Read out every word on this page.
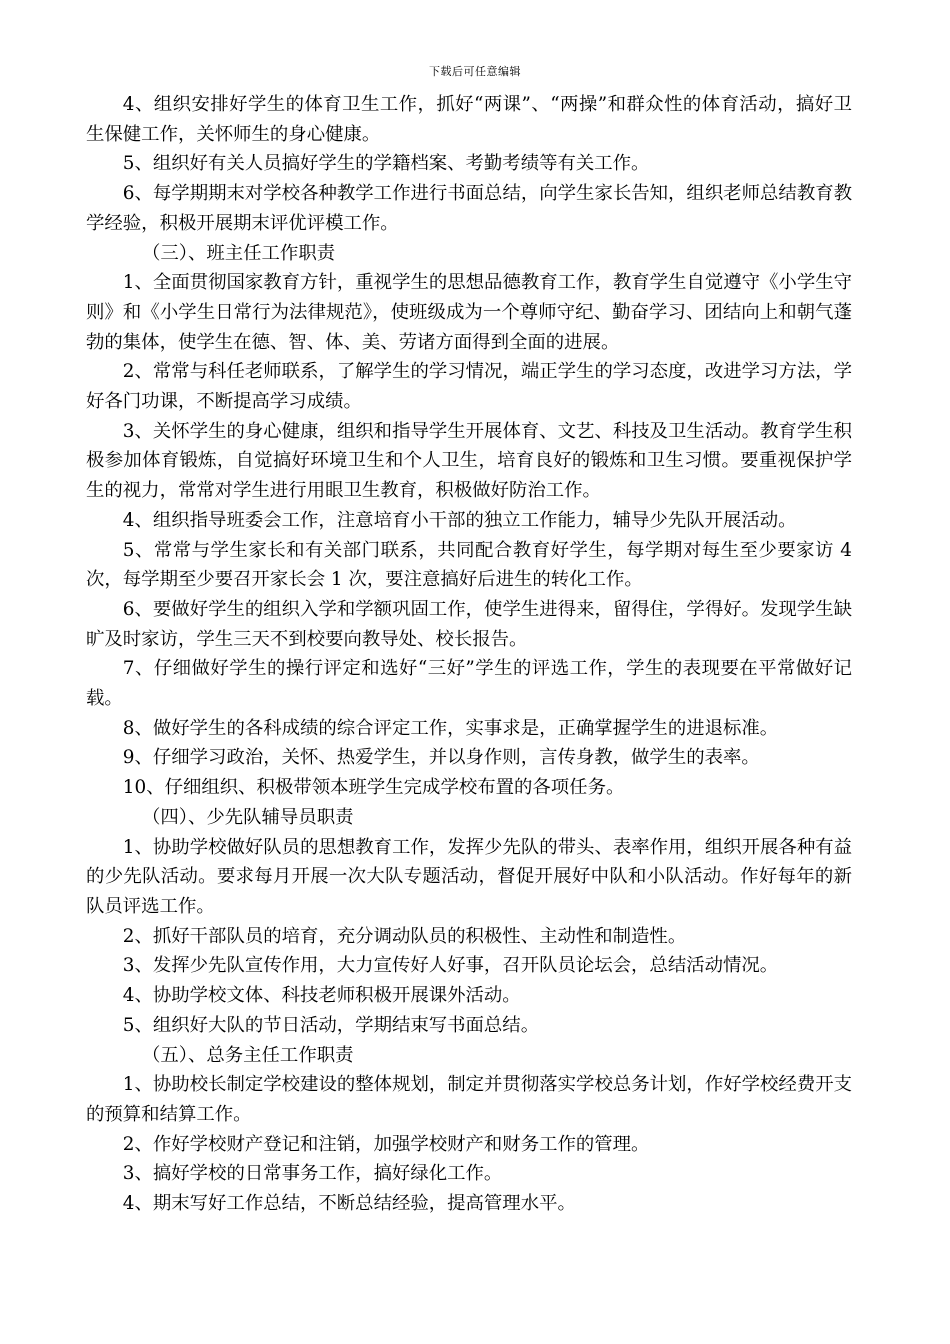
下载后可任意编辑

4、组织安排好学生的体育卫生工作，抓好“两课”、“两操”和群众性的体育活动，搞好卫生保健工作，关怀师生的身心健康。

5、组织好有关人员搞好学生的学籍档案、考勤考绩等有关工作。

6、每学期期末对学校各种教学工作进行书面总结，向学生家长告知，组织老师总结教育教学经验，积极开展期末评优评模工作。

（三）、班主任工作职责

1、全面贯彻国家教育方针，重视学生的思想品德教育工作，教育学生自觉遵守《小学生守则》和《小学生日常行为法律规范》，使班级成为一个尊师守纪、勤奋学习、团结向上和朝气蓬勃的集体，使学生在德、智、体、美、劳诸方面得到全面的进展。

2、常常与科任老师联系，了解学生的学习情况，端正学生的学习态度，改进学习方法，学好各门功课，不断提高学习成绩。

3、关怀学生的身心健康，组织和指导学生开展体育、文艺、科技及卫生活动。教育学生积极参加体育锻炼，自觉搞好环境卫生和个人卫生，培育良好的锻炼和卫生习惯。要重视保护学生的视力，常常对学生进行用眼卫生教育，积极做好防治工作。

4、组织指导班委会工作，注意培育小干部的独立工作能力，辅导少先队开展活动。

5、常常与学生家长和有关部门联系，共同配合教育好学生，每学期对每生至少要家访 4 次，每学期至少要召开家长会 1 次，要注意搞好后进生的转化工作。

6、要做好学生的组织入学和学额巩固工作，使学生进得来，留得住，学得好。发现学生缺旷及时家访，学生三天不到校要向教导处、校长报告。

7、仔细做好学生的操行评定和选好“三好”学生的评选工作，学生的表现要在平常做好记载。

8、做好学生的各科成绩的综合评定工作，实事求是，正确掌握学生的进退标准。

9、仔细学习政治，关怀、热爱学生，并以身作则，言传身教，做学生的表率。

10、仔细组织、积极带领本班学生完成学校布置的各项任务。

（四）、少先队辅导员职责

1、协助学校做好队员的思想教育工作，发挥少先队的带头、表率作用，组织开展各种有益的少先队活动。要求每月开展一次大队专题活动，督促开展好中队和小队活动。作好每年的新队员评选工作。

2、抓好干部队员的培育，充分调动队员的积极性、主动性和制造性。

3、发挥少先队宣传作用，大力宣传好人好事，召开队员论坛会，总结活动情况。

4、协助学校文体、科技老师积极开展课外活动。

5、组织好大队的节日活动，学期结束写书面总结。

（五）、总务主任工作职责

1、协助校长制定学校建设的整体规划，制定并贯彻落实学校总务计划，作好学校经费开支的预算和结算工作。

2、作好学校财产登记和注销，加强学校财产和财务工作的管理。

3、搞好学校的日常事务工作，搞好绿化工作。

4、期末写好工作总结，不断总结经验，提高管理水平。
